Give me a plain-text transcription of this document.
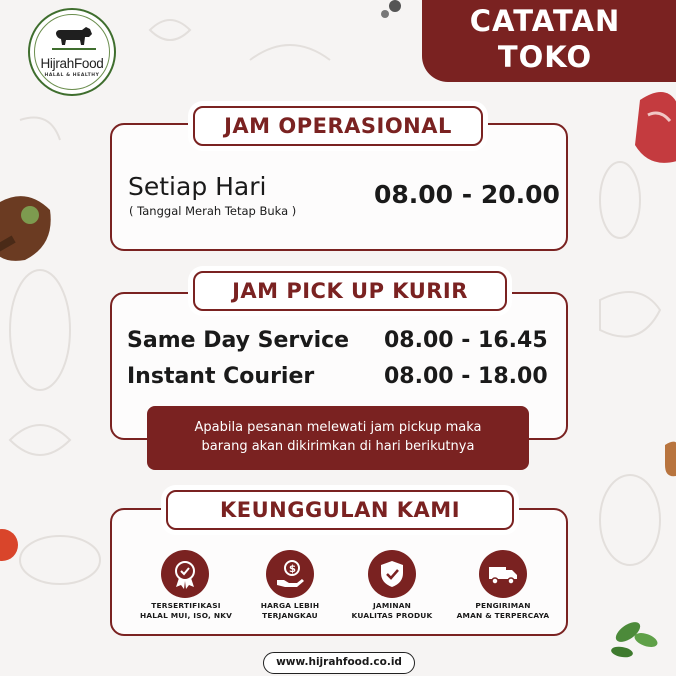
HijrahFood
HALAL & HEALTHY
CATATAN
TOKO
JAM OPERASIONAL
Setiap Hari
( Tanggal Merah Tetap Buka )
08.00 - 20.00
JAM PICK UP KURIR
Same Day Service 08.00 - 16.45
Instant Courier	08.00 - 18.00
Apabila pesanan melewati jam pickup maka
barang akan dikirimkan di hari berikutnya
KEUNGGULAN KAMI
TERSERTIFIKASI
HALAL MUI, ISO, NKV
$
HARGA LEBIH
TERJANGKAU
JAMINAN
KUALITAS PRODUK
PENGIRIMAN
AMAN & TERPERCAYA
www.hijrahfood.co.id
